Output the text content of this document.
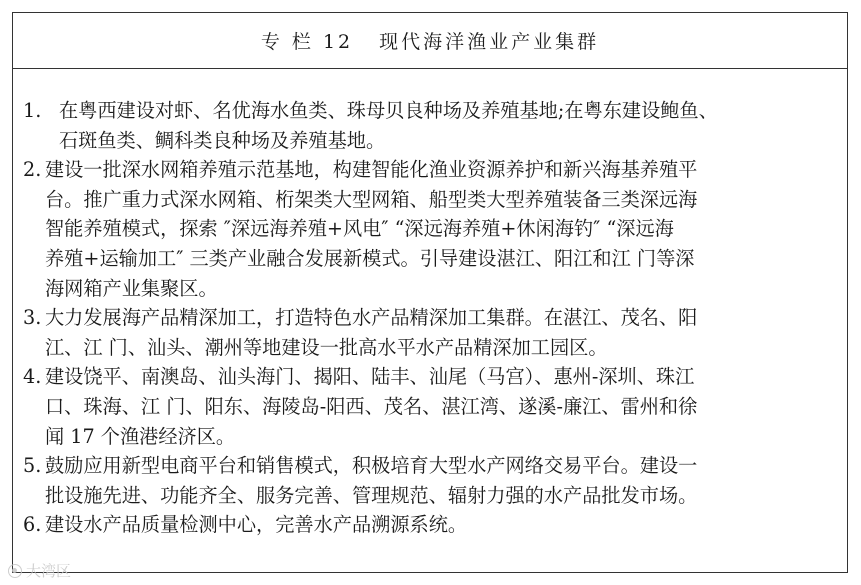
专 栏 12 现代海洋渔业产业集群
1. 在粤西建设对虾、名优海水鱼类、珠母贝良种场及养殖基地;在粤东建设鲍鱼、
石斑鱼类、鲷科类良种场及养殖基地。
2. 建设一批深水网箱养殖示范基地，构建智能化渔业资源养护和新兴海基养殖平
台。推广重力式深水网箱、桁架类大型网箱、船型类大型养殖装备三类深远海
智能养殖模式，探索 ″深远海养殖+风电″ “深远海养殖+休闲海钓″ “深远海
养殖+运输加工″ 三类产业融合发展新模式。引导建设湛江、阳江和江 门等深
海网箱产业集聚区。
3. 大力发展海产品精深加工，打造特色水产品精深加工集群。在湛江、茂名、阳
江、江 门、汕头、潮州等地建设一批高水平水产品精深加工园区。
4. 建设饶平、南澳岛、汕头海门、揭阳、陆丰、汕尾（马宫）、惠州-深圳、珠江
口、珠海、江 门、阳东、海陵岛-阳西、茂名、湛江湾、遂溪-廉江、雷州和徐
闻 17 个渔港经济区。
5. 鼓励应用新型电商平台和销售模式，积极培育大型水产网络交易平台。建设一
批设施先进、功能齐全、服务完善、管理规范、辐射力强的水产品批发市场。
6. 建设水产品质量检测中心，完善水产品溯源系统。
大湾区
